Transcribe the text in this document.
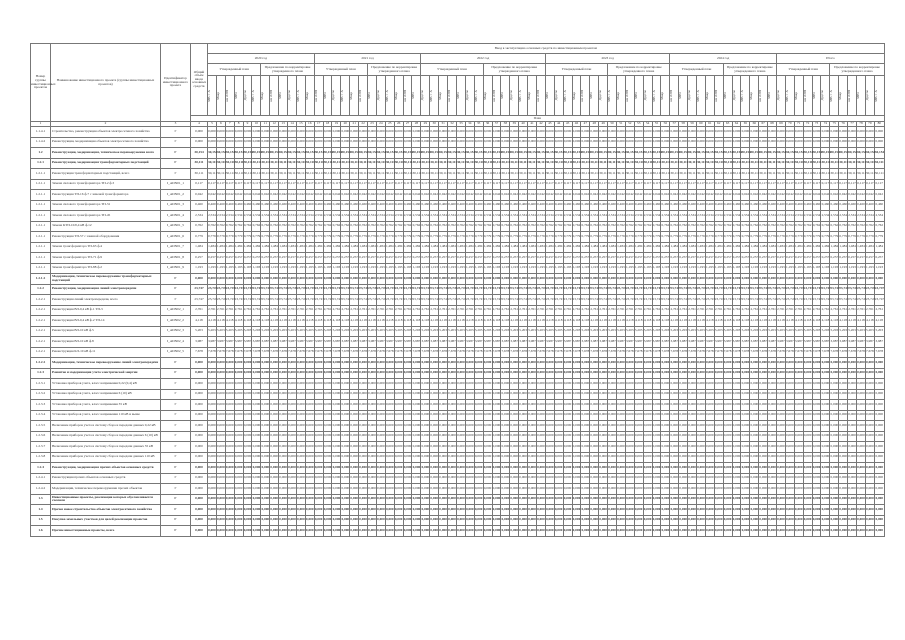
Номер группы инвестиционных проектов	Наименование инвестиционного проекта (группы инвестиционных проектов)	Идентификатор инвестиционного проекта	Общий объем ввода основных средств	Ввод в эксплуатацию основных средств по инвестиционным проектам
2020 год	2021 год	2022 год	2023 год	2024 год	Итого
Утвержденный план	Предложение по корректировке утвержденного плана	Утвержденный план	Предложение по корректировке утвержденного плана	Утвержденный план	Предложение по корректировке утвержденного плана	Утвержденный план	Предложение по корректировке утвержденного плана	Утвержденный план	Предложение по корректировке утвержденного плана	Утвержденный план	Предложение по корректировке утвержденного плана

МВ×А	Мвар	км ЛЭП	МВт	Другое	МВ×А	Мвар	км ЛЭП	МВт	Другое	МВ×А	Мвар	км ЛЭП	МВт	Другое	МВ×А	Мвар	км ЛЭП	МВт	Другое	МВ×А	Мвар	км ЛЭП	МВт	Другое	МВ×А	Мвар	км ЛЭП	МВт	Другое	МВ×А	Мвар	км ЛЭП	МВт	Другое	МВ×А	Мвар	км ЛЭП	МВт	Другое	МВ×А	Мвар	км ЛЭП	МВт	Другое	МВ×А	Мвар	км ЛЭП	МВт	Другое	МВ×А	Мвар	км ЛЭП	МВт	Другое	МВ×А	Мвар	км ЛЭП	МВт	Другое	МВ×А	Мвар	км ЛЭП	МВт	Другое	МВ×А	Мвар	км ЛЭП	МВт	Другое	МВ×А	Мвар	км ЛЭП	МВт	Другое	МВ×А

План
1	2	3	4	5	6	7	8	9	10	11	12	13	14	15	16	17	18	19	20	21	22	23	24	25	26	27	28	29	30	31	32	33	34	35	36	37	38	39	40	41	42	43	44	45	46	47	48	49	50	51	52	53	54	55	56	57	58	59	60	61	62	63	64	65	66	67	68	69	70	71	72	73	74	75	76	77	78	79	80
1.1.4.1	Строительство, реконструкция объектов электросетевого хозяйства	Г	0,000	0,000	0,000	0,000	0,000	0,000	0,000	0,000	0,000	0,000	0,000	0,000	0,000	0,000	0,000	0,000	0,000	0,000	0,000	0,000	0,000	0,000	0,000	0,000	0,000	0,000	0,000	0,000	0,000	0,000	0,000	0,000	0,000	0,000	0,000	0,000	0,000	0,000	0,000	0,000	0,000	0,000	0,000	0,000	0,000	0,000	0,000	0,000	0,000	0,000	0,000	0,000	0,000	0,000	0,000	0,000	0,000	0,000	0,000	0,000	0,000	0,000	0,000	0,000	0,000	0,000	0,000	0,000	0,000	0,000	0,000	0,000	0,000	0,000	0,000	0,000	0,000
1.1.4.2	Реконструкция, модернизация объектов электросетевого хозяйства	Г	0,000	0,000	0,000	0,000	0,000	0,000	0,000	0,000	0,000	0,000	0,000	0,000	0,000	0,000	0,000	0,000	0,000	0,000	0,000	0,000	0,000	0,000	0,000	0,000	0,000	0,000	0,000	0,000	0,000	0,000	0,000	0,000	0,000	0,000	0,000	0,000	0,000	0,000	0,000	0,000	0,000	0,000	0,000	0,000	0,000	0,000	0,000	0,000	0,000	0,000	0,000	0,000	0,000	0,000	0,000	0,000	0,000	0,000	0,000	0,000	0,000	0,000	0,000	0,000	0,000	0,000	0,000	0,000	0,000	0,000	0,000	0,000	0,000	0,000	0,000	0,000	0,000
1.2	Реконструкция, модернизация, техническое перевооружение всего	Г	30,154	30,154	30,154	30,154	30,154	30,154	30,154	30,154	30,154	30,154	30,154	30,154	30,154	30,154	30,154	30,154	30,154	30,154	30,154	30,154	30,154	30,154	30,154	30,154	30,154	30,154	30,154	30,154	30,154	30,154	30,154	30,154	30,154	30,154	30,154	30,154	30,154	30,154	30,154	30,154	30,154	30,154	30,154	30,154	30,154	30,154	30,154	30,154	30,154	30,154	30,154	30,154	30,154	30,154	30,154	30,154	30,154	30,154	30,154	30,154	30,154	30,154	30,154	30,154	30,154	30,154	30,154	30,154	30,154	30,154	30,154	30,154	30,154	30,154	30,154	30,154	30,154
1.2.1	Реконструкция, модернизация трансформаторных подстанций	Г	30,111	30,111	30,111	30,111	30,111	30,111	30,111	30,111	30,111	30,111	30,111	30,111	30,111	30,111	30,111	30,111	30,111	30,111	30,111	30,111	30,111	30,111	30,111	30,111	30,111	30,111	30,111	30,111	30,111	30,111	30,111	30,111	30,111	30,111	30,111	30,111	30,111	30,111	30,111	30,111	30,111	30,111	30,111	30,111	30,111	30,111	30,111	30,111	30,111	30,111	30,111	30,111	30,111	30,111	30,111	30,111	30,111	30,111	30,111	30,111	30,111	30,111	30,111	30,111	30,111	30,111	30,111	30,111	30,111	30,111	30,111	30,111	30,111	30,111	30,111	30,111	30,111
1.2.1.1	Реконструкция трансформаторных подстанций, всего	Г	30,111	30,111	30,111	30,111	30,111	30,111	30,111	30,111	30,111	30,111	30,111	30,111	30,111	30,111	30,111	30,111	30,111	30,111	30,111	30,111	30,111	30,111	30,111	30,111	30,111	30,111	30,111	30,111	30,111	30,111	30,111	30,111	30,111	30,111	30,111	30,111	30,111	30,111	30,111	30,111	30,111	30,111	30,111	30,111	30,111	30,111	30,111	30,111	30,111	30,111	30,111	30,111	30,111	30,111	30,111	30,111	30,111	30,111	30,111	30,111	30,111	30,111	30,111	30,111	30,111	30,111	30,111	30,111	30,111	30,111	30,111	30,111	30,111	30,111	30,111	30,111	30,111
1.2.1.1	Замена силового трансформатора ТП-2 ф.3	I_ADN01_1	0,117	0,117	0,117	0,117	0,117	0,117	0,117	0,117	0,117	0,117	0,117	0,117	0,117	0,117	0,117	0,117	0,117	0,117	0,117	0,117	0,117	0,117	0,117	0,117	0,117	0,117	0,117	0,117	0,117	0,117	0,117	0,117	0,117	0,117	0,117	0,117	0,117	0,117	0,117	0,117	0,117	0,117	0,117	0,117	0,117	0,117	0,117	0,117	0,117	0,117	0,117	0,117	0,117	0,117	0,117	0,117	0,117	0,117	0,117	0,117	0,117	0,117	0,117	0,117	0,117	0,117	0,117	0,117	0,117	0,117	0,117	0,117	0,117	0,117	0,117	0,117	0,117
1.2.1.1	Реконструкция ТП-16 ф.7 с заменой трансформатора	I_ADN01_2	0,042	0,042	0,042	0,042	0,042	0,042	0,042	0,042	0,042	0,042	0,042	0,042	0,042	0,042	0,042	0,042	0,042	0,042	0,042	0,042	0,042	0,042	0,042	0,042	0,042	0,042	0,042	0,042	0,042	0,042	0,042	0,042	0,042	0,042	0,042	0,042	0,042	0,042	0,042	0,042	0,042	0,042	0,042	0,042	0,042	0,042	0,042	0,042	0,042	0,042	0,042	0,042	0,042	0,042	0,042	0,042	0,042	0,042	0,042	0,042	0,042	0,042	0,042	0,042	0,042	0,042	0,042	0,042	0,042	0,042	0,042	0,042	0,042	0,042	0,042	0,042	0,042
1.2.1.1	Замена силового трансформатора ТП-31	I_ADN01_3	0,460	0,460	0,460	0,460	0,460	0,460	0,460	0,460	0,460	0,460	0,460	0,460	0,460	0,460	0,460	0,460	0,460	0,460	0,460	0,460	0,460	0,460	0,460	0,460	0,460	0,460	0,460	0,460	0,460	0,460	0,460	0,460	0,460	0,460	0,460	0,460	0,460	0,460	0,460	0,460	0,460	0,460	0,460	0,460	0,460	0,460	0,460	0,460	0,460	0,460	0,460	0,460	0,460	0,460	0,460	0,460	0,460	0,460	0,460	0,460	0,460	0,460	0,460	0,460	0,460	0,460	0,460	0,460	0,460	0,460	0,460	0,460	0,460	0,460	0,460	0,460	0,460
1.2.1.1	Замена силового трансформатора ТП-45	I_ADN01_4	2,534	2,534	2,534	2,534	2,534	2,534	2,534	2,534	2,534	2,534	2,534	2,534	2,534	2,534	2,534	2,534	2,534	2,534	2,534	2,534	2,534	2,534	2,534	2,534	2,534	2,534	2,534	2,534	2,534	2,534	2,534	2,534	2,534	2,534	2,534	2,534	2,534	2,534	2,534	2,534	2,534	2,534	2,534	2,534	2,534	2,534	2,534	2,534	2,534	2,534	2,534	2,534	2,534	2,534	2,534	2,534	2,534	2,534	2,534	2,534	2,534	2,534	2,534	2,534	2,534	2,534	2,534	2,534	2,534	2,534	2,534	2,534	2,534	2,534	2,534	2,534	2,534
1.2.1.1	Замена КТП-10/0,4 кВ ф.12	I_ADN01_5	0,762	0,762	0,762	0,762	0,762	0,762	0,762	0,762	0,762	0,762	0,762	0,762	0,762	0,762	0,762	0,762	0,762	0,762	0,762	0,762	0,762	0,762	0,762	0,762	0,762	0,762	0,762	0,762	0,762	0,762	0,762	0,762	0,762	0,762	0,762	0,762	0,762	0,762	0,762	0,762	0,762	0,762	0,762	0,762	0,762	0,762	0,762	0,762	0,762	0,762	0,762	0,762	0,762	0,762	0,762	0,762	0,762	0,762	0,762	0,762	0,762	0,762	0,762	0,762	0,762	0,762	0,762	0,762	0,762	0,762	0,762	0,762	0,762	0,762	0,762	0,762	0,762
1.2.1.1	Реконструкция ТП-57 с заменой оборудования	I_ADN01_6	0,779	0,779	0,779	0,779	0,779	0,779	0,779	0,779	0,779	0,779	0,779	0,779	0,779	0,779	0,779	0,779	0,779	0,779	0,779	0,779	0,779	0,779	0,779	0,779	0,779	0,779	0,779	0,779	0,779	0,779	0,779	0,779	0,779	0,779	0,779	0,779	0,779	0,779	0,779	0,779	0,779	0,779	0,779	0,779	0,779	0,779	0,779	0,779	0,779	0,779	0,779	0,779	0,779	0,779	0,779	0,779	0,779	0,779	0,779	0,779	0,779	0,779	0,779	0,779	0,779	0,779	0,779	0,779	0,779	0,779	0,779	0,779	0,779	0,779	0,779	0,779	0,779
1.2.1.1	Замена трансформатора ТП-63 ф.4	I_ADN01_7	1,484	1,484	1,484	1,484	1,484	1,484	1,484	1,484	1,484	1,484	1,484	1,484	1,484	1,484	1,484	1,484	1,484	1,484	1,484	1,484	1,484	1,484	1,484	1,484	1,484	1,484	1,484	1,484	1,484	1,484	1,484	1,484	1,484	1,484	1,484	1,484	1,484	1,484	1,484	1,484	1,484	1,484	1,484	1,484	1,484	1,484	1,484	1,484	1,484	1,484	1,484	1,484	1,484	1,484	1,484	1,484	1,484	1,484	1,484	1,484	1,484	1,484	1,484	1,484	1,484	1,484	1,484	1,484	1,484	1,484	1,484	1,484	1,484	1,484	1,484	1,484	1,484
1.2.1.1	Замена трансформатора ТП-71 ф.9	I_ADN01_8	0,257	0,257	0,257	0,257	0,257	0,257	0,257	0,257	0,257	0,257	0,257	0,257	0,257	0,257	0,257	0,257	0,257	0,257	0,257	0,257	0,257	0,257	0,257	0,257	0,257	0,257	0,257	0,257	0,257	0,257	0,257	0,257	0,257	0,257	0,257	0,257	0,257	0,257	0,257	0,257	0,257	0,257	0,257	0,257	0,257	0,257	0,257	0,257	0,257	0,257	0,257	0,257	0,257	0,257	0,257	0,257	0,257	0,257	0,257	0,257	0,257	0,257	0,257	0,257	0,257	0,257	0,257	0,257	0,257	0,257	0,257	0,257	0,257	0,257	0,257	0,257	0,257
1.2.1.1	Замена трансформатора ТП-88 ф.2	I_ADN01_9	1,193	1,193	1,193	1,193	1,193	1,193	1,193	1,193	1,193	1,193	1,193	1,193	1,193	1,193	1,193	1,193	1,193	1,193	1,193	1,193	1,193	1,193	1,193	1,193	1,193	1,193	1,193	1,193	1,193	1,193	1,193	1,193	1,193	1,193	1,193	1,193	1,193	1,193	1,193	1,193	1,193	1,193	1,193	1,193	1,193	1,193	1,193	1,193	1,193	1,193	1,193	1,193	1,193	1,193	1,193	1,193	1,193	1,193	1,193	1,193	1,193	1,193	1,193	1,193	1,193	1,193	1,193	1,193	1,193	1,193	1,193	1,193	1,193	1,193	1,193	1,193	1,193
1.2.1.2	Модернизация, техническое перевооружение трансформаторных подстанций	Г	0,000	0,000	0,000	0,000	0,000	0,000	0,000	0,000	0,000	0,000	0,000	0,000	0,000	0,000	0,000	0,000	0,000	0,000	0,000	0,000	0,000	0,000	0,000	0,000	0,000	0,000	0,000	0,000	0,000	0,000	0,000	0,000	0,000	0,000	0,000	0,000	0,000	0,000	0,000	0,000	0,000	0,000	0,000	0,000	0,000	0,000	0,000	0,000	0,000	0,000	0,000	0,000	0,000	0,000	0,000	0,000	0,000	0,000	0,000	0,000	0,000	0,000	0,000	0,000	0,000	0,000	0,000	0,000	0,000	0,000	0,000	0,000	0,000	0,000	0,000	0,000	0,000
1.2.2	Реконструкция, модернизация линий электропередачи	Г	23,747	23,747	23,747	23,747	23,747	23,747	23,747	23,747	23,747	23,747	23,747	23,747	23,747	23,747	23,747	23,747	23,747	23,747	23,747	23,747	23,747	23,747	23,747	23,747	23,747	23,747	23,747	23,747	23,747	23,747	23,747	23,747	23,747	23,747	23,747	23,747	23,747	23,747	23,747	23,747	23,747	23,747	23,747	23,747	23,747	23,747	23,747	23,747	23,747	23,747	23,747	23,747	23,747	23,747	23,747	23,747	23,747	23,747	23,747	23,747	23,747	23,747	23,747	23,747	23,747	23,747	23,747	23,747	23,747	23,747	23,747	23,747	23,747	23,747	23,747	23,747	23,747
1.2.2.1	Реконструкция линий электропередачи, всего	Г	23,747	23,747	23,747	23,747	23,747	23,747	23,747	23,747	23,747	23,747	23,747	23,747	23,747	23,747	23,747	23,747	23,747	23,747	23,747	23,747	23,747	23,747	23,747	23,747	23,747	23,747	23,747	23,747	23,747	23,747	23,747	23,747	23,747	23,747	23,747	23,747	23,747	23,747	23,747	23,747	23,747	23,747	23,747	23,747	23,747	23,747	23,747	23,747	23,747	23,747	23,747	23,747	23,747	23,747	23,747	23,747	23,747	23,747	23,747	23,747	23,747	23,747	23,747	23,747	23,747	23,747	23,747	23,747	23,747	23,747	23,747	23,747	23,747	23,747	23,747	23,747	23,747
1.2.2.1	Реконструкция ВЛ-0,4 кВ ф.1 ТП-3	I_ADN02_1	2,761	2,761	2,761	2,761	2,761	2,761	2,761	2,761	2,761	2,761	2,761	2,761	2,761	2,761	2,761	2,761	2,761	2,761	2,761	2,761	2,761	2,761	2,761	2,761	2,761	2,761	2,761	2,761	2,761	2,761	2,761	2,761	2,761	2,761	2,761	2,761	2,761	2,761	2,761	2,761	2,761	2,761	2,761	2,761	2,761	2,761	2,761	2,761	2,761	2,761	2,761	2,761	2,761	2,761	2,761	2,761	2,761	2,761	2,761	2,761	2,761	2,761	2,761	2,761	2,761	2,761	2,761	2,761	2,761	2,761	2,761	2,761	2,761	2,761	2,761	2,761	2,761
1.2.2.1	Реконструкция ВЛ-0,4 кВ ф.2 ТП-14	I_ADN02_2	4,118	4,118	4,118	4,118	4,118	4,118	4,118	4,118	4,118	4,118	4,118	4,118	4,118	4,118	4,118	4,118	4,118	4,118	4,118	4,118	4,118	4,118	4,118	4,118	4,118	4,118	4,118	4,118	4,118	4,118	4,118	4,118	4,118	4,118	4,118	4,118	4,118	4,118	4,118	4,118	4,118	4,118	4,118	4,118	4,118	4,118	4,118	4,118	4,118	4,118	4,118	4,118	4,118	4,118	4,118	4,118	4,118	4,118	4,118	4,118	4,118	4,118	4,118	4,118	4,118	4,118	4,118	4,118	4,118	4,118	4,118	4,118	4,118	4,118	4,118	4,118	4,118
1.2.2.1	Реконструкция ВЛ-10 кВ ф.5	I_ADN02_3	5,203	5,203	5,203	5,203	5,203	5,203	5,203	5,203	5,203	5,203	5,203	5,203	5,203	5,203	5,203	5,203	5,203	5,203	5,203	5,203	5,203	5,203	5,203	5,203	5,203	5,203	5,203	5,203	5,203	5,203	5,203	5,203	5,203	5,203	5,203	5,203	5,203	5,203	5,203	5,203	5,203	5,203	5,203	5,203	5,203	5,203	5,203	5,203	5,203	5,203	5,203	5,203	5,203	5,203	5,203	5,203	5,203	5,203	5,203	5,203	5,203	5,203	5,203	5,203	5,203	5,203	5,203	5,203	5,203	5,203	5,203	5,203	5,203	5,203	5,203	5,203	5,203
1.2.2.1	Реконструкция ВЛ-10 кВ ф.8	I_ADN02_4	3,987	3,987	3,987	3,987	3,987	3,987	3,987	3,987	3,987	3,987	3,987	3,987	3,987	3,987	3,987	3,987	3,987	3,987	3,987	3,987	3,987	3,987	3,987	3,987	3,987	3,987	3,987	3,987	3,987	3,987	3,987	3,987	3,987	3,987	3,987	3,987	3,987	3,987	3,987	3,987	3,987	3,987	3,987	3,987	3,987	3,987	3,987	3,987	3,987	3,987	3,987	3,987	3,987	3,987	3,987	3,987	3,987	3,987	3,987	3,987	3,987	3,987	3,987	3,987	3,987	3,987	3,987	3,987	3,987	3,987	3,987	3,987	3,987	3,987	3,987	3,987	3,987
1.2.2.1	Реконструкция КЛ-10 кВ ф.11	I_ADN02_5	7,678	7,678	7,678	7,678	7,678	7,678	7,678	7,678	7,678	7,678	7,678	7,678	7,678	7,678	7,678	7,678	7,678	7,678	7,678	7,678	7,678	7,678	7,678	7,678	7,678	7,678	7,678	7,678	7,678	7,678	7,678	7,678	7,678	7,678	7,678	7,678	7,678	7,678	7,678	7,678	7,678	7,678	7,678	7,678	7,678	7,678	7,678	7,678	7,678	7,678	7,678	7,678	7,678	7,678	7,678	7,678	7,678	7,678	7,678	7,678	7,678	7,678	7,678	7,678	7,678	7,678	7,678	7,678	7,678	7,678	7,678	7,678	7,678	7,678	7,678	7,678	7,678
1.2.2.2	Модернизация, техническое перевооружение линий электропередачи	Г	0,000	0,000	0,000	0,000	0,000	0,000	0,000	0,000	0,000	0,000	0,000	0,000	0,000	0,000	0,000	0,000	0,000	0,000	0,000	0,000	0,000	0,000	0,000	0,000	0,000	0,000	0,000	0,000	0,000	0,000	0,000	0,000	0,000	0,000	0,000	0,000	0,000	0,000	0,000	0,000	0,000	0,000	0,000	0,000	0,000	0,000	0,000	0,000	0,000	0,000	0,000	0,000	0,000	0,000	0,000	0,000	0,000	0,000	0,000	0,000	0,000	0,000	0,000	0,000	0,000	0,000	0,000	0,000	0,000	0,000	0,000	0,000	0,000	0,000	0,000	0,000	0,000
1.2.3	Развитие и модернизация учета электрической энергии	Г	0,000	0,000	0,000	0,000	0,000	0,000	0,000	0,000	0,000	0,000	0,000	0,000	0,000	0,000	0,000	0,000	0,000	0,000	0,000	0,000	0,000	0,000	0,000	0,000	0,000	0,000	0,000	0,000	0,000	0,000	0,000	0,000	0,000	0,000	0,000	0,000	0,000	0,000	0,000	0,000	0,000	0,000	0,000	0,000	0,000	0,000	0,000	0,000	0,000	0,000	0,000	0,000	0,000	0,000	0,000	0,000	0,000	0,000	0,000	0,000	0,000	0,000	0,000	0,000	0,000	0,000	0,000	0,000	0,000	0,000	0,000	0,000	0,000	0,000	0,000	0,000	0,000
1.2.3.1	Установка приборов учета, класс напряжения 0,22 (0,4) кВ	Г	0,000	0,000	0,000	0,000	0,000	0,000	0,000	0,000	0,000	0,000	0,000	0,000	0,000	0,000	0,000	0,000	0,000	0,000	0,000	0,000	0,000	0,000	0,000	0,000	0,000	0,000	0,000	0,000	0,000	0,000	0,000	0,000	0,000	0,000	0,000	0,000	0,000	0,000	0,000	0,000	0,000	0,000	0,000	0,000	0,000	0,000	0,000	0,000	0,000	0,000	0,000	0,000	0,000	0,000	0,000	0,000	0,000	0,000	0,000	0,000	0,000	0,000	0,000	0,000	0,000	0,000	0,000	0,000	0,000	0,000	0,000	0,000	0,000	0,000	0,000	0,000	0,000
1.2.3.2	Установка приборов учета, класс напряжения 6 (10) кВ	Г	0,000	0,000	0,000	0,000	0,000	0,000	0,000	0,000	0,000	0,000	0,000	0,000	0,000	0,000	0,000	0,000	0,000	0,000	0,000	0,000	0,000	0,000	0,000	0,000	0,000	0,000	0,000	0,000	0,000	0,000	0,000	0,000	0,000	0,000	0,000	0,000	0,000	0,000	0,000	0,000	0,000	0,000	0,000	0,000	0,000	0,000	0,000	0,000	0,000	0,000	0,000	0,000	0,000	0,000	0,000	0,000	0,000	0,000	0,000	0,000	0,000	0,000	0,000	0,000	0,000	0,000	0,000	0,000	0,000	0,000	0,000	0,000	0,000	0,000	0,000	0,000	0,000
1.2.3.3	Установка приборов учета, класс напряжения 35 кВ	Г	0,000	0,000	0,000	0,000	0,000	0,000	0,000	0,000	0,000	0,000	0,000	0,000	0,000	0,000	0,000	0,000	0,000	0,000	0,000	0,000	0,000	0,000	0,000	0,000	0,000	0,000	0,000	0,000	0,000	0,000	0,000	0,000	0,000	0,000	0,000	0,000	0,000	0,000	0,000	0,000	0,000	0,000	0,000	0,000	0,000	0,000	0,000	0,000	0,000	0,000	0,000	0,000	0,000	0,000	0,000	0,000	0,000	0,000	0,000	0,000	0,000	0,000	0,000	0,000	0,000	0,000	0,000	0,000	0,000	0,000	0,000	0,000	0,000	0,000	0,000	0,000	0,000
1.2.3.4	Установка приборов учета, класс напряжения 110 кВ и выше	Г	0,000	0,000	0,000	0,000	0,000	0,000	0,000	0,000	0,000	0,000	0,000	0,000	0,000	0,000	0,000	0,000	0,000	0,000	0,000	0,000	0,000	0,000	0,000	0,000	0,000	0,000	0,000	0,000	0,000	0,000	0,000	0,000	0,000	0,000	0,000	0,000	0,000	0,000	0,000	0,000	0,000	0,000	0,000	0,000	0,000	0,000	0,000	0,000	0,000	0,000	0,000	0,000	0,000	0,000	0,000	0,000	0,000	0,000	0,000	0,000	0,000	0,000	0,000	0,000	0,000	0,000	0,000	0,000	0,000	0,000	0,000	0,000	0,000	0,000	0,000	0,000	0,000
1.2.3.5	Включение приборов учета в систему сбора и передачи данных 0,22 кВ	Г	0,000	0,000	0,000	0,000	0,000	0,000	0,000	0,000	0,000	0,000	0,000	0,000	0,000	0,000	0,000	0,000	0,000	0,000	0,000	0,000	0,000	0,000	0,000	0,000	0,000	0,000	0,000	0,000	0,000	0,000	0,000	0,000	0,000	0,000	0,000	0,000	0,000	0,000	0,000	0,000	0,000	0,000	0,000	0,000	0,000	0,000	0,000	0,000	0,000	0,000	0,000	0,000	0,000	0,000	0,000	0,000	0,000	0,000	0,000	0,000	0,000	0,000	0,000	0,000	0,000	0,000	0,000	0,000	0,000	0,000	0,000	0,000	0,000	0,000	0,000	0,000	0,000
1.2.3.6	Включение приборов учета в систему сбора и передачи данных 6 (10) кВ	Г	0,000	0,000	0,000	0,000	0,000	0,000	0,000	0,000	0,000	0,000	0,000	0,000	0,000	0,000	0,000	0,000	0,000	0,000	0,000	0,000	0,000	0,000	0,000	0,000	0,000	0,000	0,000	0,000	0,000	0,000	0,000	0,000	0,000	0,000	0,000	0,000	0,000	0,000	0,000	0,000	0,000	0,000	0,000	0,000	0,000	0,000	0,000	0,000	0,000	0,000	0,000	0,000	0,000	0,000	0,000	0,000	0,000	0,000	0,000	0,000	0,000	0,000	0,000	0,000	0,000	0,000	0,000	0,000	0,000	0,000	0,000	0,000	0,000	0,000	0,000	0,000	0,000
1.2.3.7	Включение приборов учета в систему сбора и передачи данных 35 кВ	Г	0,000	0,000	0,000	0,000	0,000	0,000	0,000	0,000	0,000	0,000	0,000	0,000	0,000	0,000	0,000	0,000	0,000	0,000	0,000	0,000	0,000	0,000	0,000	0,000	0,000	0,000	0,000	0,000	0,000	0,000	0,000	0,000	0,000	0,000	0,000	0,000	0,000	0,000	0,000	0,000	0,000	0,000	0,000	0,000	0,000	0,000	0,000	0,000	0,000	0,000	0,000	0,000	0,000	0,000	0,000	0,000	0,000	0,000	0,000	0,000	0,000	0,000	0,000	0,000	0,000	0,000	0,000	0,000	0,000	0,000	0,000	0,000	0,000	0,000	0,000	0,000	0,000
1.2.3.8	Включение приборов учета в систему сбора и передачи данных 110 кВ	Г	0,000	0,000	0,000	0,000	0,000	0,000	0,000	0,000	0,000	0,000	0,000	0,000	0,000	0,000	0,000	0,000	0,000	0,000	0,000	0,000	0,000	0,000	0,000	0,000	0,000	0,000	0,000	0,000	0,000	0,000	0,000	0,000	0,000	0,000	0,000	0,000	0,000	0,000	0,000	0,000	0,000	0,000	0,000	0,000	0,000	0,000	0,000	0,000	0,000	0,000	0,000	0,000	0,000	0,000	0,000	0,000	0,000	0,000	0,000	0,000	0,000	0,000	0,000	0,000	0,000	0,000	0,000	0,000	0,000	0,000	0,000	0,000	0,000	0,000	0,000	0,000	0,000
1.2.4	Реконструкция, модернизация прочих объектов основных средств	Г	0,000	0,000	0,000	0,000	0,000	0,000	0,000	0,000	0,000	0,000	0,000	0,000	0,000	0,000	0,000	0,000	0,000	0,000	0,000	0,000	0,000	0,000	0,000	0,000	0,000	0,000	0,000	0,000	0,000	0,000	0,000	0,000	0,000	0,000	0,000	0,000	0,000	0,000	0,000	0,000	0,000	0,000	0,000	0,000	0,000	0,000	0,000	0,000	0,000	0,000	0,000	0,000	0,000	0,000	0,000	0,000	0,000	0,000	0,000	0,000	0,000	0,000	0,000	0,000	0,000	0,000	0,000	0,000	0,000	0,000	0,000	0,000	0,000	0,000	0,000	0,000	0,000
1.2.4.1	Реконструкция прочих объектов основных средств	Г	0,000	0,000	0,000	0,000	0,000	0,000	0,000	0,000	0,000	0,000	0,000	0,000	0,000	0,000	0,000	0,000	0,000	0,000	0,000	0,000	0,000	0,000	0,000	0,000	0,000	0,000	0,000	0,000	0,000	0,000	0,000	0,000	0,000	0,000	0,000	0,000	0,000	0,000	0,000	0,000	0,000	0,000	0,000	0,000	0,000	0,000	0,000	0,000	0,000	0,000	0,000	0,000	0,000	0,000	0,000	0,000	0,000	0,000	0,000	0,000	0,000	0,000	0,000	0,000	0,000	0,000	0,000	0,000	0,000	0,000	0,000	0,000	0,000	0,000	0,000	0,000	0,000
1.2.4.2	Модернизация, техническое перевооружение прочих объектов	Г	0,000	0,000	0,000	0,000	0,000	0,000	0,000	0,000	0,000	0,000	0,000	0,000	0,000	0,000	0,000	0,000	0,000	0,000	0,000	0,000	0,000	0,000	0,000	0,000	0,000	0,000	0,000	0,000	0,000	0,000	0,000	0,000	0,000	0,000	0,000	0,000	0,000	0,000	0,000	0,000	0,000	0,000	0,000	0,000	0,000	0,000	0,000	0,000	0,000	0,000	0,000	0,000	0,000	0,000	0,000	0,000	0,000	0,000	0,000	0,000	0,000	0,000	0,000	0,000	0,000	0,000	0,000	0,000	0,000	0,000	0,000	0,000	0,000	0,000	0,000	0,000	0,000
1.3	Инвестиционные проекты, реализация которых обуславливается схемами	Г	0,000	0,000	0,000	0,000	0,000	0,000	0,000	0,000	0,000	0,000	0,000	0,000	0,000	0,000	0,000	0,000	0,000	0,000	0,000	0,000	0,000	0,000	0,000	0,000	0,000	0,000	0,000	0,000	0,000	0,000	0,000	0,000	0,000	0,000	0,000	0,000	0,000	0,000	0,000	0,000	0,000	0,000	0,000	0,000	0,000	0,000	0,000	0,000	0,000	0,000	0,000	0,000	0,000	0,000	0,000	0,000	0,000	0,000	0,000	0,000	0,000	0,000	0,000	0,000	0,000	0,000	0,000	0,000	0,000	0,000	0,000	0,000	0,000	0,000	0,000	0,000	0,000
1.4	Прочее новое строительство объектов электросетевого хозяйства	Г	0,000	0,000	0,000	0,000	0,000	0,000	0,000	0,000	0,000	0,000	0,000	0,000	0,000	0,000	0,000	0,000	0,000	0,000	0,000	0,000	0,000	0,000	0,000	0,000	0,000	0,000	0,000	0,000	0,000	0,000	0,000	0,000	0,000	0,000	0,000	0,000	0,000	0,000	0,000	0,000	0,000	0,000	0,000	0,000	0,000	0,000	0,000	0,000	0,000	0,000	0,000	0,000	0,000	0,000	0,000	0,000	0,000	0,000	0,000	0,000	0,000	0,000	0,000	0,000	0,000	0,000	0,000	0,000	0,000	0,000	0,000	0,000	0,000	0,000	0,000	0,000	0,000
1.5	Покупка земельных участков для целей реализации проектов	Г	0,000	0,000	0,000	0,000	0,000	0,000	0,000	0,000	0,000	0,000	0,000	0,000	0,000	0,000	0,000	0,000	0,000	0,000	0,000	0,000	0,000	0,000	0,000	0,000	0,000	0,000	0,000	0,000	0,000	0,000	0,000	0,000	0,000	0,000	0,000	0,000	0,000	0,000	0,000	0,000	0,000	0,000	0,000	0,000	0,000	0,000	0,000	0,000	0,000	0,000	0,000	0,000	0,000	0,000	0,000	0,000	0,000	0,000	0,000	0,000	0,000	0,000	0,000	0,000	0,000	0,000	0,000	0,000	0,000	0,000	0,000	0,000	0,000	0,000	0,000	0,000	0,000
1.6	Прочие инвестиционные проекты, всего	Г	0,000	0,000	0,000	0,000	0,000	0,000	0,000	0,000	0,000	0,000	0,000	0,000	0,000	0,000	0,000	0,000	0,000	0,000	0,000	0,000	0,000	0,000	0,000	0,000	0,000	0,000	0,000	0,000	0,000	0,000	0,000	0,000	0,000	0,000	0,000	0,000	0,000	0,000	0,000	0,000	0,000	0,000	0,000	0,000	0,000	0,000	0,000	0,000	0,000	0,000	0,000	0,000	0,000	0,000	0,000	0,000	0,000	0,000	0,000	0,000	0,000	0,000	0,000	0,000	0,000	0,000	0,000	0,000	0,000	0,000	0,000	0,000	0,000	0,000	0,000	0,000	0,000
